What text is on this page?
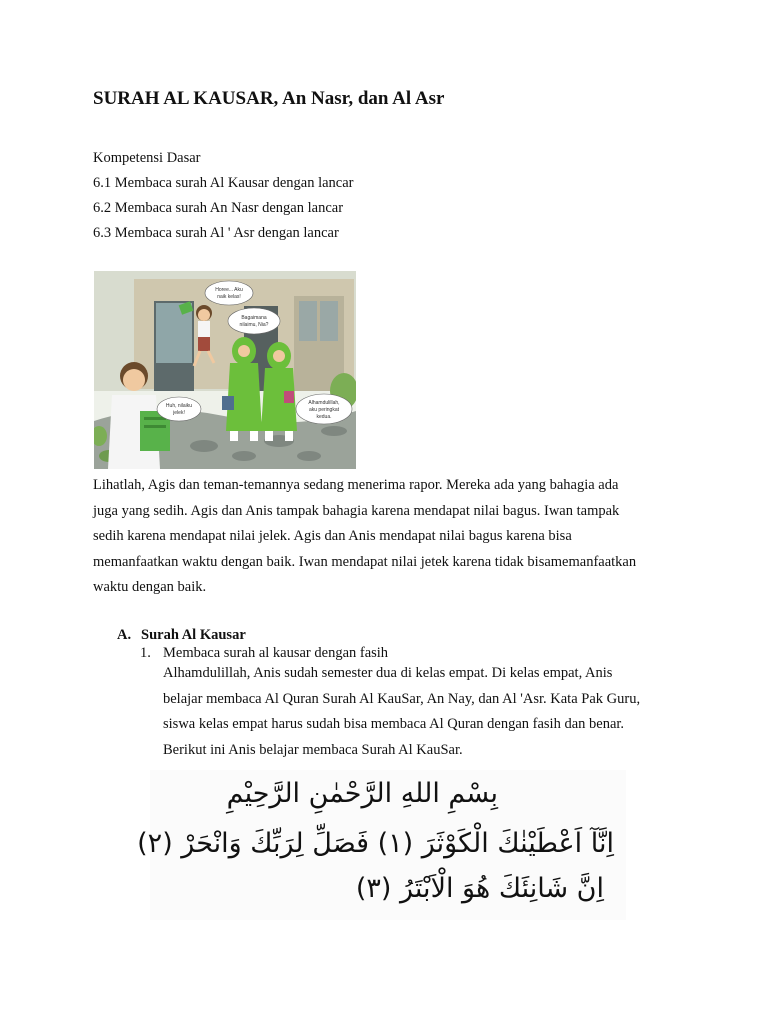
SURAH AL KAUSAR, An Nasr, dan Al Asr
Kompetensi Dasar
6.1 Membaca surah Al Kausar dengan lancar
6.2 Membaca surah An Nasr dengan lancar
6.3 Membaca surah Al ' Asr dengan lancar
Horee... Aku
naik kelas!
Bagaimana
nilaimu, Nia?
Huh, nilaiku
jelek!
Alhamdulillah,
aku peringkat
kedua.
Lihatlah, Agis dan teman-temannya sedang menerima rapor. Mereka ada yang bahagia ada
juga yang sedih. Agis dan Anis tampak bahagia karena mendapat nilai bagus. Iwan tampak
sedih karena mendapat nilai jelek. Agis dan Anis mendapat nilai bagus karena bisa
memanfaatkan waktu dengan baik. Iwan mendapat nilai jetek karena tidak bisamemanfaatkan
waktu dengan baik.
A. Surah Al Kausar
1. Membaca surah al kausar dengan fasih
Alhamdulillah, Anis sudah semester dua di kelas empat. Di kelas empat, Anis
belajar membaca Al Quran Surah Al KauSar, An Nay, dan Al 'Asr. Kata Pak Guru,
siswa kelas empat harus sudah bisa membaca Al Quran dengan fasih dan benar.
Berikut ini Anis belajar membaca Surah Al KauSar.
بِسْمِ اللهِ الرَّحْمٰنِ الرَّحِيْمِ
اِنَّآ اَعْطَيْنٰكَ الْكَوْثَرَ (١) فَصَلِّ لِرَبِّكَ وَانْحَرْ (٢)
اِنَّ شَانِئَكَ هُوَ الْاَبْتَرُ (٣)
